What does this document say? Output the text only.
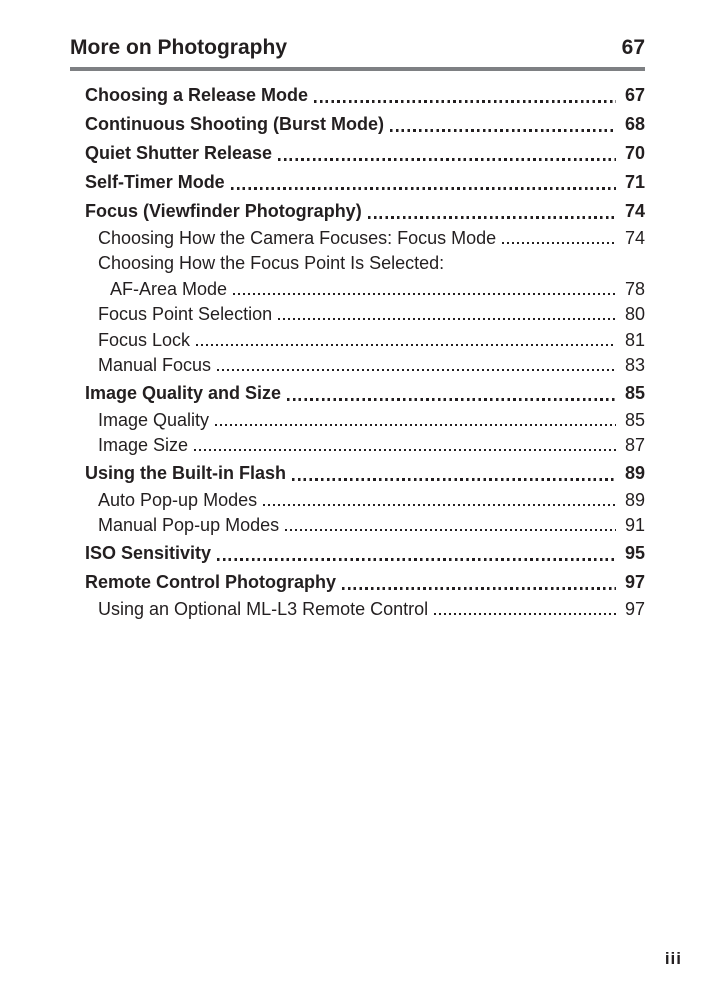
More on Photography	67
Choosing a Release Mode	67
Continuous Shooting (Burst Mode)	68
Quiet Shutter Release	70
Self-Timer Mode	71
Focus (Viewfinder Photography)	74
Choosing How the Camera Focuses: Focus Mode	74
Choosing How the Focus Point Is Selected:
AF-Area Mode	78
Focus Point Selection	80
Focus Lock	81
Manual Focus	83
Image Quality and Size	85
Image Quality	85
Image Size	87
Using the Built-in Flash	89
Auto Pop-up Modes	89
Manual Pop-up Modes	91
ISO Sensitivity	95
Remote Control Photography	97
Using an Optional ML-L3 Remote Control	97
iii
